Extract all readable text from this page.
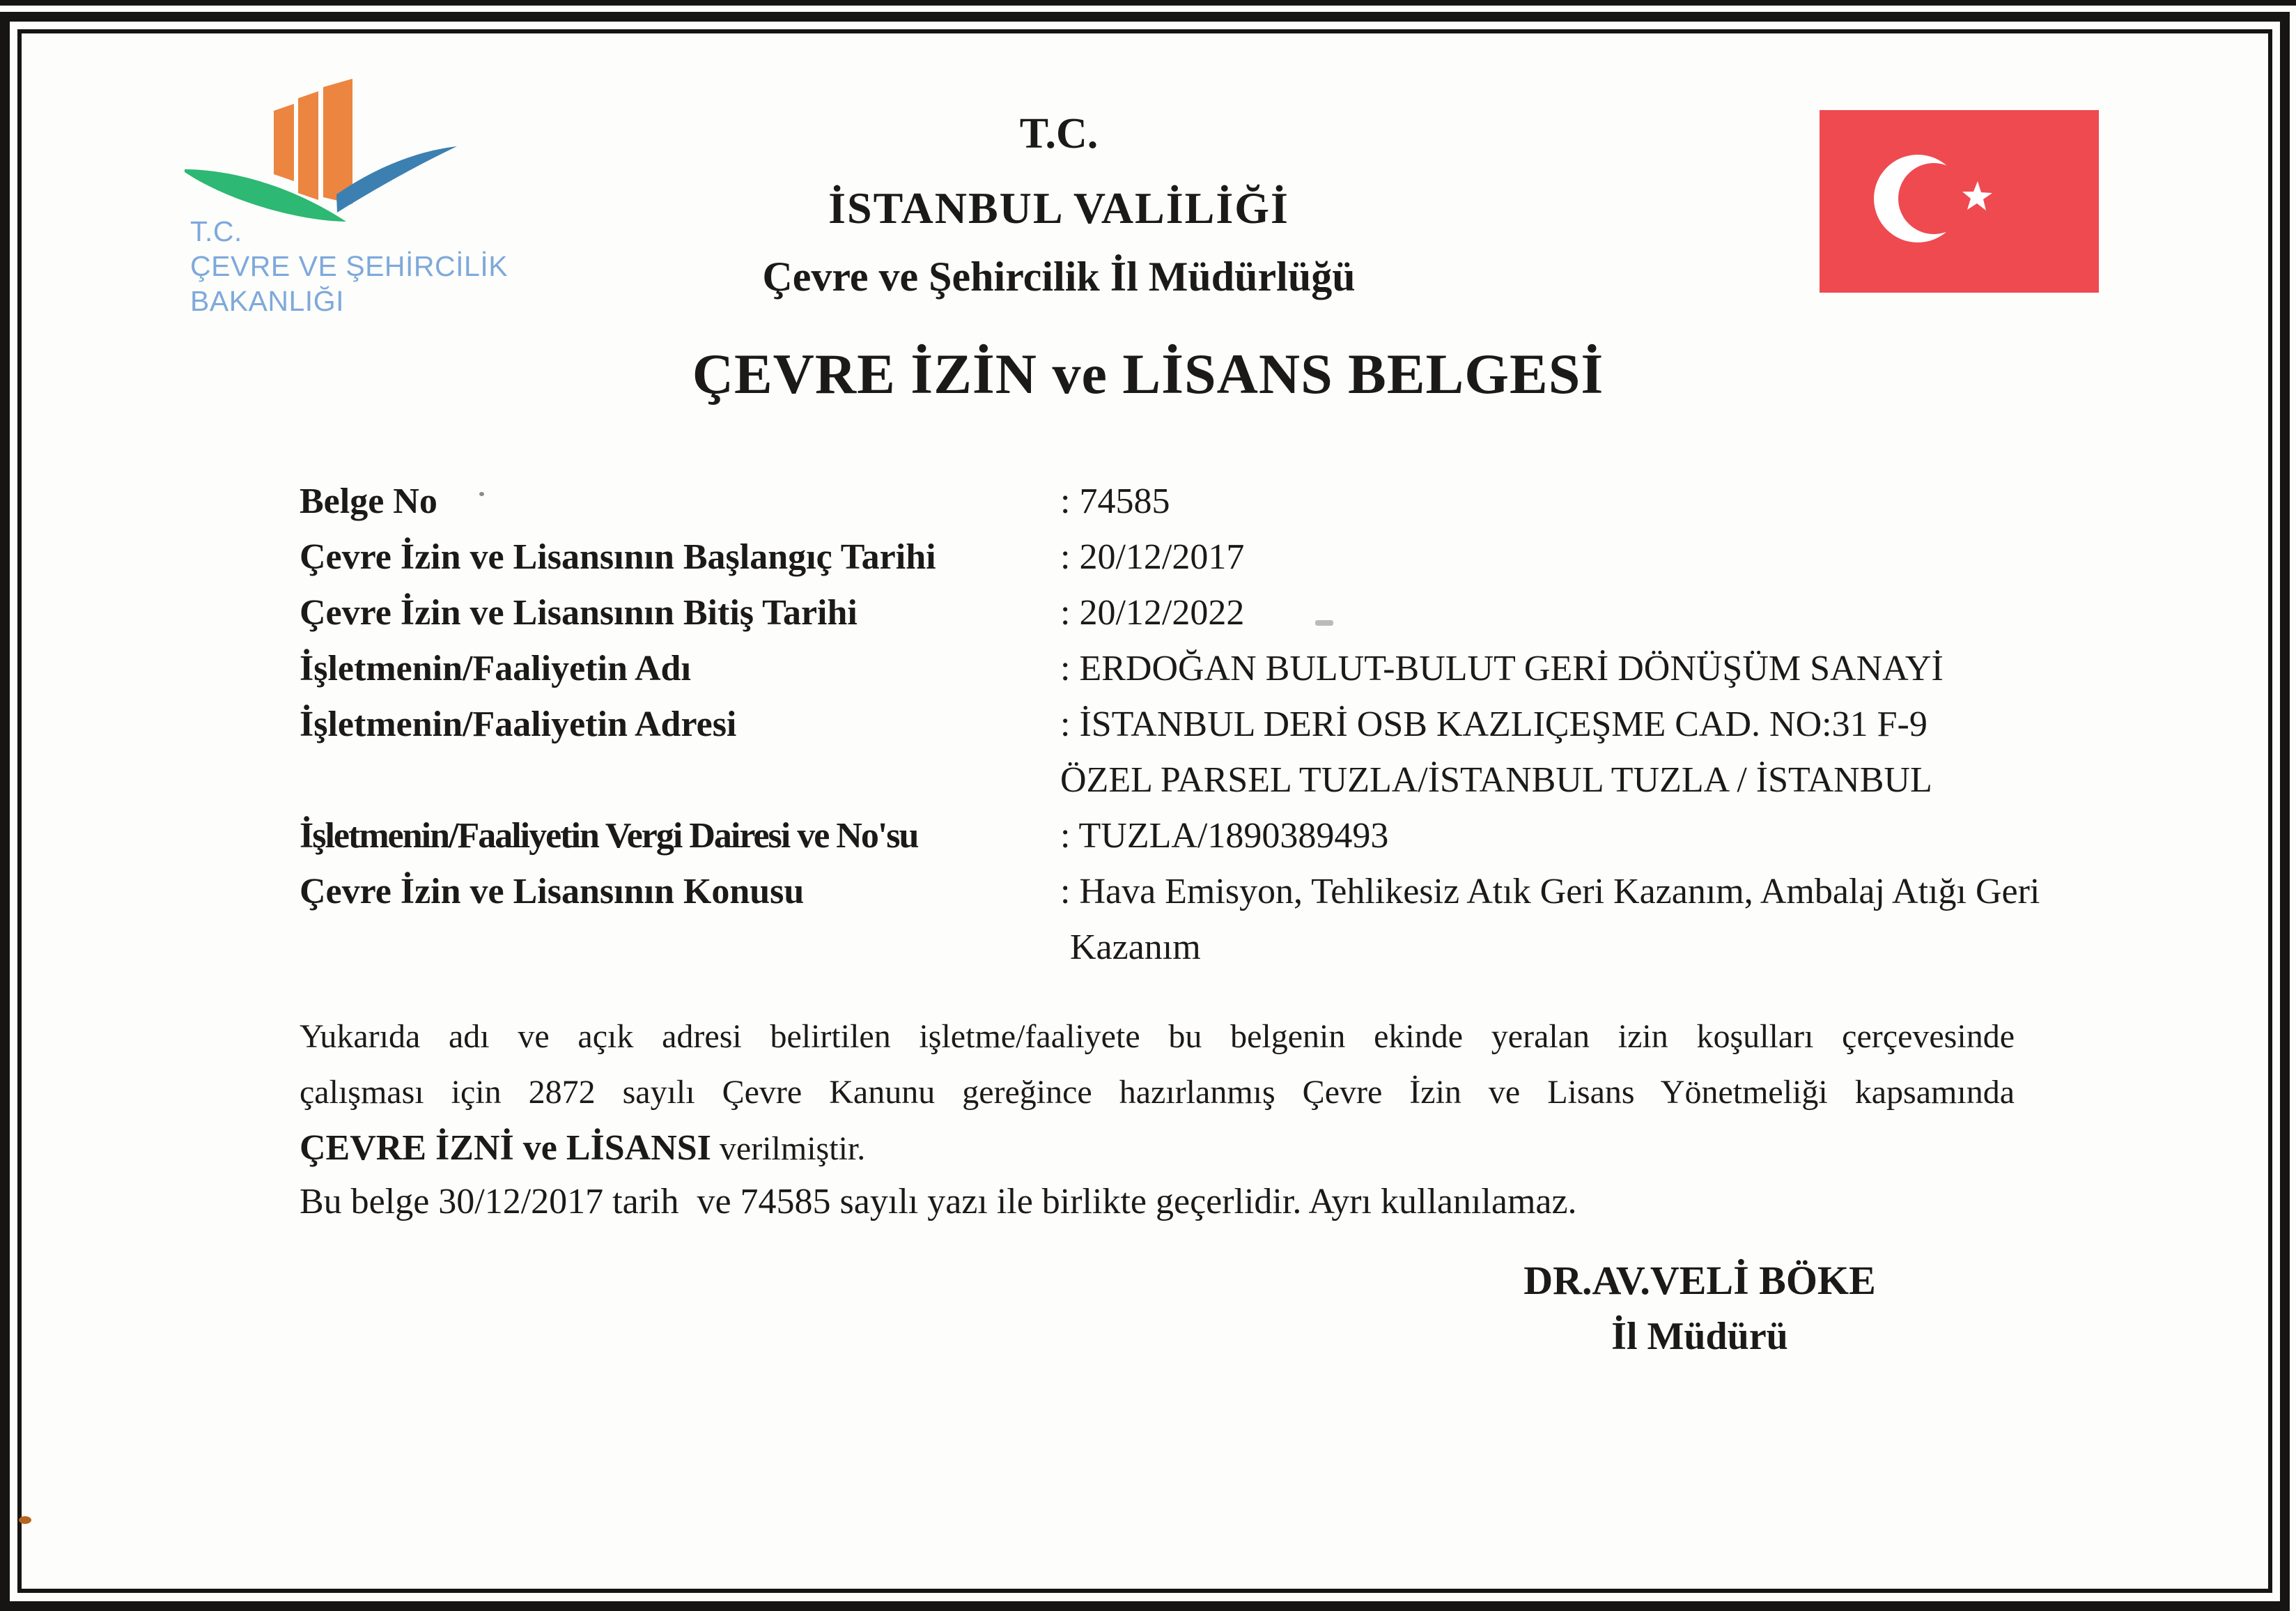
T.C.
ÇEVRE VE ŞEHİRCİLİK
BAKANLIĞI
T.C.
İSTANBUL VALİLİĞİ
Çevre ve Şehircilik İl Müdürlüğü
ÇEVRE İZİN ve LİSANS BELGESİ
Belge No	: 74585
Çevre İzin ve Lisansının Başlangıç Tarihi	: 20/12/2017
Çevre İzin ve Lisansının Bitiş Tarihi	: 20/12/2022
İşletmenin/Faaliyetin Adı	: ERDOĞAN BULUT-BULUT GERİ DÖNÜŞÜM SANAYİ
İşletmenin/Faaliyetin Adresi	: İSTANBUL DERİ OSB KAZLIÇEŞME CAD. NO:31 F-9
ÖZEL PARSEL TUZLA/İSTANBUL TUZLA / İSTANBUL
İşletmenin/Faaliyetin Vergi Dairesi ve No'su	: TUZLA/1890389493
Çevre İzin ve Lisansının Konusu	: Hava Emisyon, Tehlikesiz Atık Geri Kazanım, Ambalaj Atığı Geri
Kazanım
Yukarıda adı ve açık adresi belirtilen işletme/faaliyete bu belgenin ekinde yeralan izin koşulları çerçevesinde
çalışması için 2872 sayılı Çevre Kanunu gereğince hazırlanmış Çevre İzin ve Lisans Yönetmeliği kapsamında
ÇEVRE İZNİ ve LİSANSI verilmiştir.
Bu belge 30/12/2017 tarih  ve 74585 sayılı yazı ile birlikte geçerlidir. Ayrı kullanılamaz.
DR.AV.VELİ BÖKE
İl Müdürü
